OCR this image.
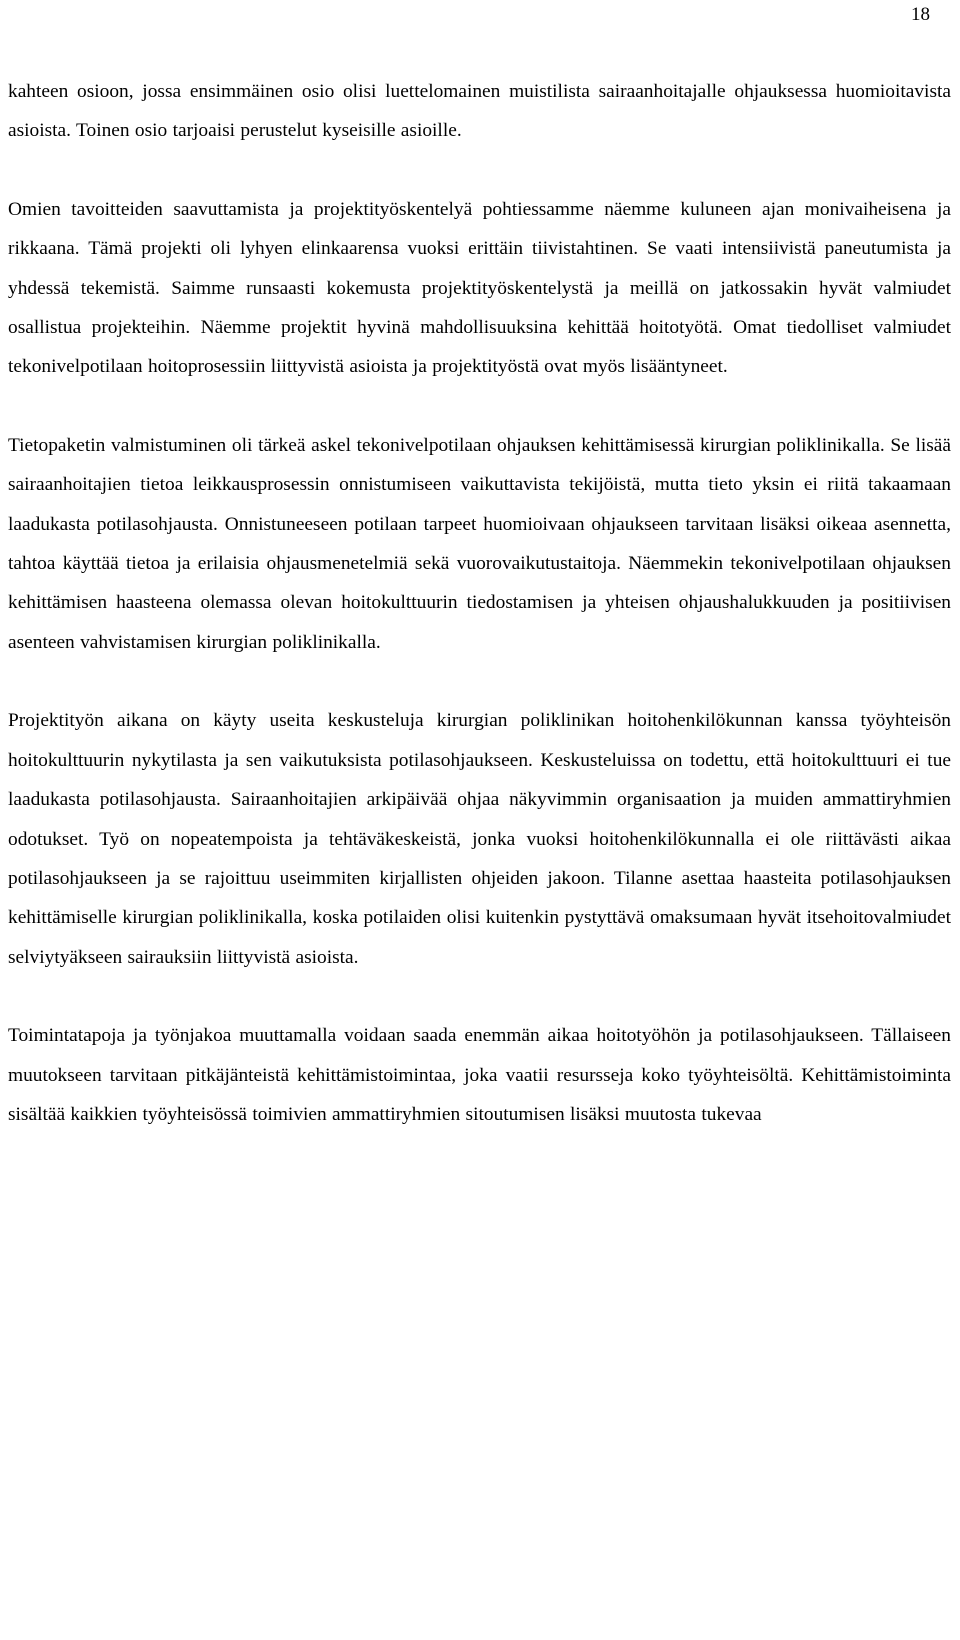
18

kahteen osioon, jossa ensimmäinen osio olisi luettelomainen muistilista sairaanhoitajalle ohjauksessa huomioitavista asioista. Toinen osio tarjoaisi perustelut kyseisille asioille.

Omien tavoitteiden saavuttamista ja projektityöskentelyä pohtiessamme näemme kuluneen ajan monivaiheisena ja rikkaana. Tämä projekti oli lyhyen elinkaarensa vuoksi erittäin tiivistahtinen. Se vaati intensiivistä paneutumista ja yhdessä tekemistä. Saimme runsaasti kokemusta projektityöskentelystä ja meillä on jatkossakin hyvät valmiudet osallistua projekteihin. Näemme projektit hyvinä mahdollisuuksina kehittää hoitotyötä. Omat tiedolliset valmiudet tekonivelpotilaan hoitoprosessiin liittyvistä asioista ja projektityöstä ovat myös lisääntyneet.

Tietopaketin valmistuminen oli tärkeä askel tekonivelpotilaan ohjauksen kehittämisessä kirurgian poliklinikalla. Se lisää sairaanhoitajien tietoa leikkausprosessin onnistumiseen vaikuttavista tekijöistä, mutta tieto yksin ei riitä takaamaan laadukasta potilasohjausta. Onnistuneeseen potilaan tarpeet huomioivaan ohjaukseen tarvitaan lisäksi oikeaa asennetta, tahtoa käyttää tietoa ja erilaisia ohjausmenetelmiä sekä vuorovaikutustaitoja. Näemmekin tekonivelpotilaan ohjauksen kehittämisen haasteena olemassa olevan hoitokulttuurin tiedostamisen ja yhteisen ohjaushalukkuuden ja positiivisen asenteen vahvistamisen kirurgian poliklinikalla.

Projektityön aikana on käyty useita keskusteluja kirurgian poliklinikan hoitohenkilökunnan kanssa työyhteisön hoitokulttuurin nykytilasta ja sen vaikutuksista potilasohjaukseen. Keskusteluissa on todettu, että hoitokulttuuri ei tue laadukasta potilasohjausta. Sairaanhoitajien arkipäivää ohjaa näkyvimmin organisaation ja muiden ammattiryhmien odotukset. Työ on nopeatempoista ja tehtäväkeskeistä, jonka vuoksi hoitohenkilökunnalla ei ole riittävästi aikaa potilasohjaukseen ja se rajoittuu useimmiten kirjallisten ohjeiden jakoon. Tilanne asettaa haasteita potilasohjauksen kehittämiselle kirurgian poliklinikalla, koska potilaiden olisi kuitenkin pystyttävä omaksumaan hyvät itsehoitovalmiudet selviytyäkseen sairauksiin liittyvistä asioista.

Toimintatapoja ja työnjakoa muuttamalla voidaan saada enemmän aikaa hoitotyöhön ja potilasohjaukseen. Tällaiseen muutokseen tarvitaan pitkäjänteistä kehittämistoimintaa, joka vaatii resursseja koko työyhteisöltä. Kehittämistoiminta sisältää kaikkien työyhteisössä toimivien ammattiryhmien sitoutumisen lisäksi muutosta tukevaa
